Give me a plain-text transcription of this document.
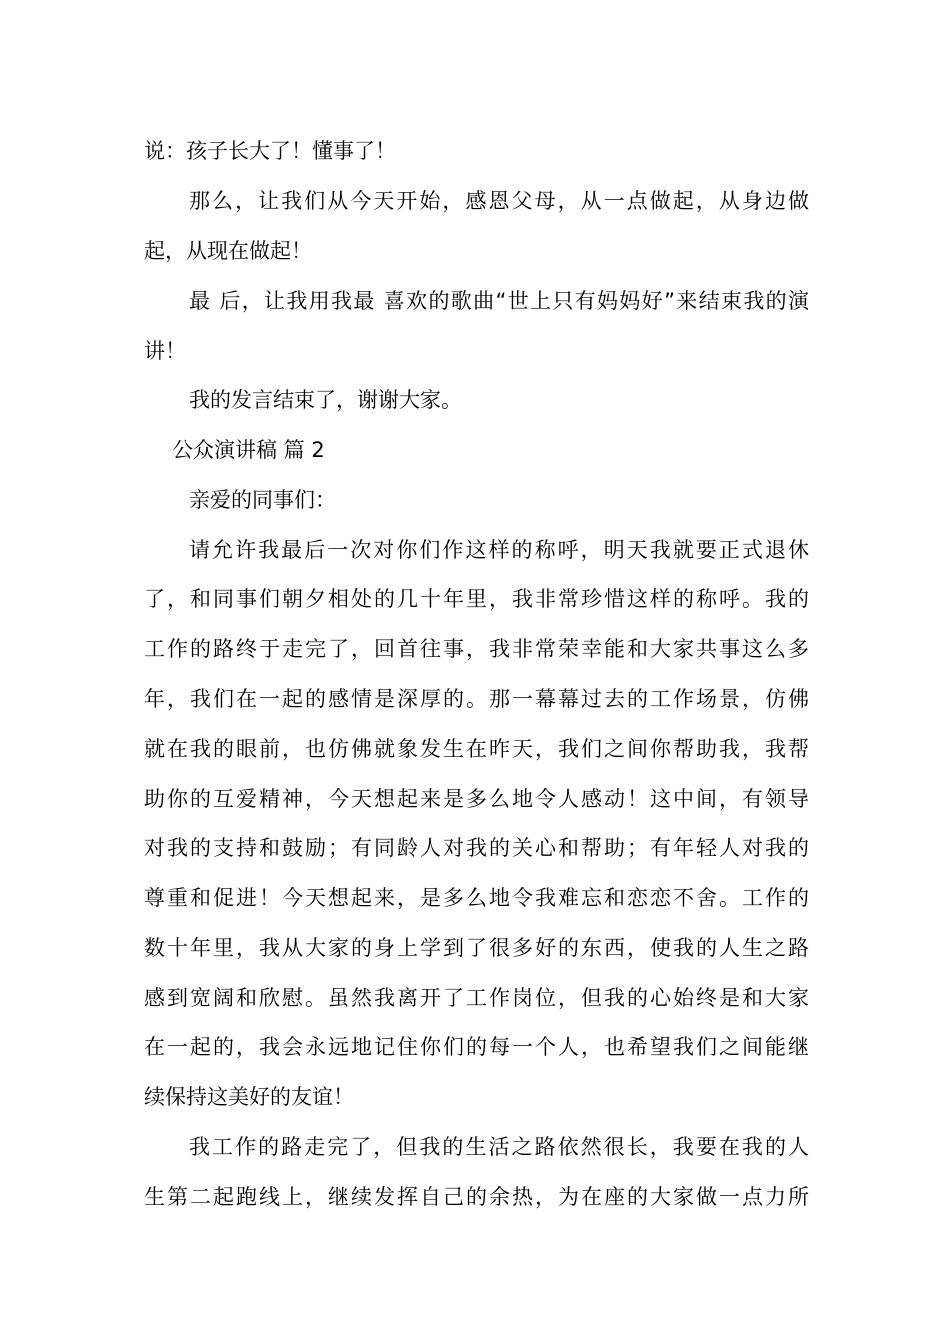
说：孩子长大了！懂事了！
那么，让我们从今天开始，感恩父母，从一点做起，从身边做
起，从现在做起！
最 后，让我用我最 喜欢的歌曲“世上只有妈妈好”来结束我的演
讲！
我的发言结束了，谢谢大家。
公众演讲稿 篇 2
亲爱的同事们：
请允许我最后一次对你们作这样的称呼，明天我就要正式退休
了，和同事们朝夕相处的几十年里，我非常珍惜这样的称呼。我的
工作的路终于走完了，回首往事，我非常荣幸能和大家共事这么多
年，我们在一起的感情是深厚的。那一幕幕过去的工作场景，仿佛
就在我的眼前，也仿佛就象发生在昨天，我们之间你帮助我，我帮
助你的互爱精神，今天想起来是多么地令人感动！这中间，有领导
对我的支持和鼓励；有同龄人对我的关心和帮助；有年轻人对我的
尊重和促进！今天想起来，是多么地令我难忘和恋恋不舍。工作的
数十年里，我从大家的身上学到了很多好的东西，使我的人生之路
感到宽阔和欣慰。虽然我离开了工作岗位，但我的心始终是和大家
在一起的，我会永远地记住你们的每一个人，也希望我们之间能继
续保持这美好的友谊！
我工作的路走完了，但我的生活之路依然很长，我要在我的人
生第二起跑线上，继续发挥自己的余热，为在座的大家做一点力所
